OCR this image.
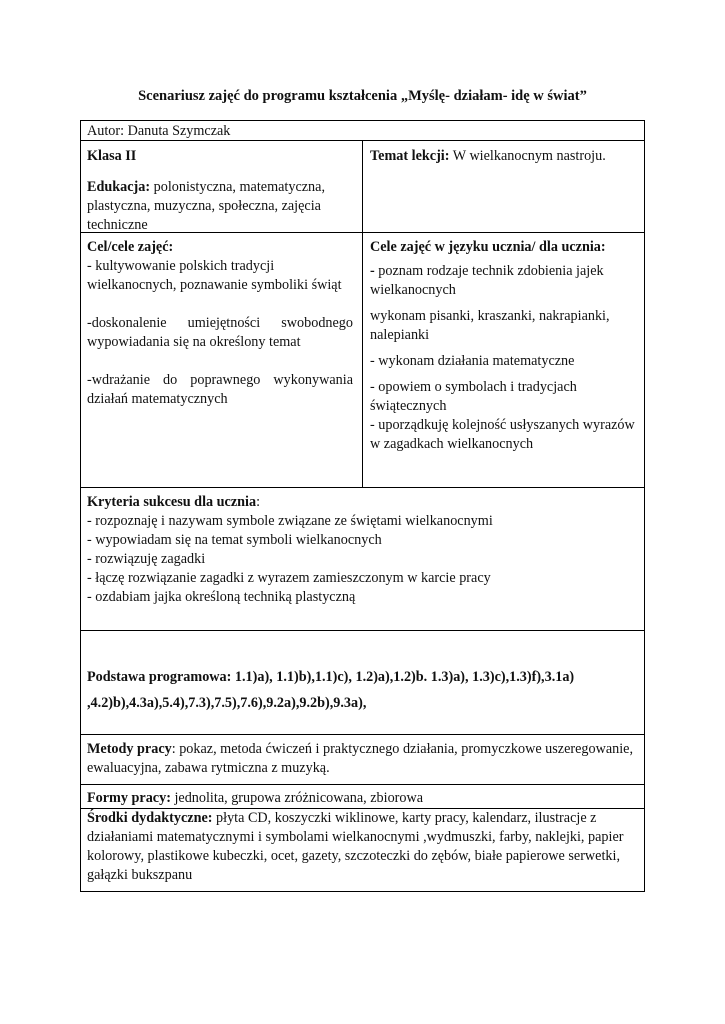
Scenariusz zajęć do programu kształcenia „Myślę- działam- idę w świat”
Autor: Danuta Szymczak

Klasa II

Edukacja: polonistyczna, matematyczna, plastyczna, muzyczna, społeczna, zajęcia techniczne

Temat lekcji: W wielkanocnym nastroju.

Cel/cele zajęć:

- kultywowanie polskich tradycji wielkanocnych, poznawanie symboliki świąt

-doskonalenie umiejętności swobodnego wypowiadania się na określony temat

-wdrażanie do poprawnego wykonywania działań matematycznych

Cele zajęć w języku ucznia/ dla ucznia:

- poznam rodzaje technik zdobienia jajek wielkanocnych

wykonam pisanki, kraszanki, nakrapianki, nalepianki

- wykonam działania matematyczne

- opowiem o symbolach i tradycjach świątecznych

- uporządkuję kolejność usłyszanych wyrazów w zagadkach wielkanocnych

Kryteria sukcesu dla ucznia:

- rozpoznaję i nazywam symbole związane ze świętami wielkanocnymi
- wypowiadam się na temat symboli wielkanocnych
- rozwiązuję zagadki
- łączę rozwiązanie zagadki z wyrazem zamieszczonym w karcie pracy
- ozdabiam jajka określoną techniką plastyczną

Podstawa programowa: 1.1)a), 1.1)b),1.1)c), 1.2)a),1.2)b. 1.3)a), 1.3)c),1.3)f),3.1a)

,4.2)b),4.3a),5.4),7.3),7.5),7.6),9.2a),9.2b),9.3a),

Metody pracy: pokaz, metoda ćwiczeń i praktycznego działania, promyczkowe uszeregowanie, ewaluacyjna, zabawa rytmiczna z muzyką.

Formy pracy: jednolita, grupowa zróżnicowana, zbiorowa

Środki dydaktyczne: płyta CD, koszyczki wiklinowe, karty pracy, kalendarz, ilustracje z działaniami matematycznymi i symbolami wielkanocnymi ,wydmuszki, farby, naklejki, papier kolorowy, plastikowe kubeczki, ocet, gazety, szczoteczki do zębów, białe papierowe serwetki, gałązki bukszpanu
